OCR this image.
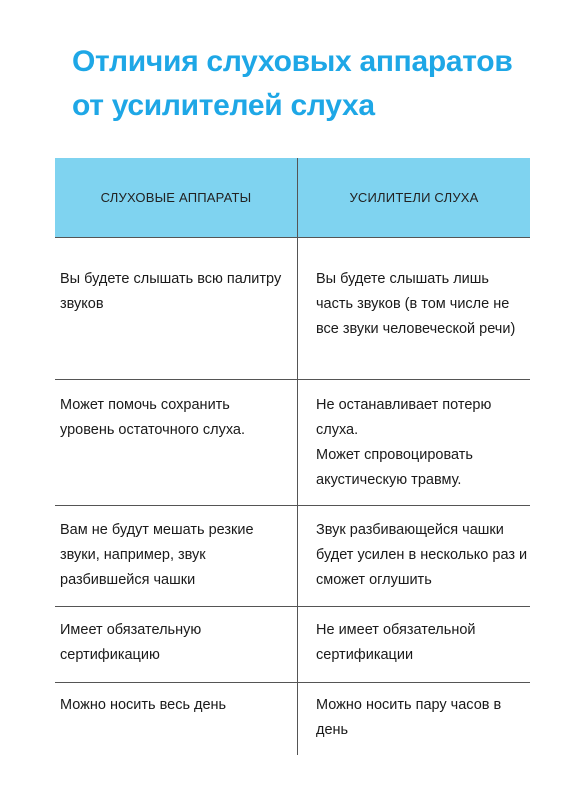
Отличия слуховых аппаратов
от усилителей слуха
СЛУХОВЫЕ АППАРАТЫ	УСИЛИТЕЛИ СЛУХА
Вы будете слышать всю палитру звуков
Вы будете слышать лишь часть звуков (в том числе не все звуки человеческой речи)
Может помочь сохранить уровень остаточного слуха.
Не останавливает потерю слуха.
Может спровоцировать акустическую травму.
Вам не будут мешать резкие звуки, например, звук разбившейся чашки
Звук разбивающейся чашки будет усилен в несколько раз и сможет оглушить
Имеет обязательную сертификацию
Не имеет обязательной сертификации
Можно носить весь день	Можно носить пару часов в день
